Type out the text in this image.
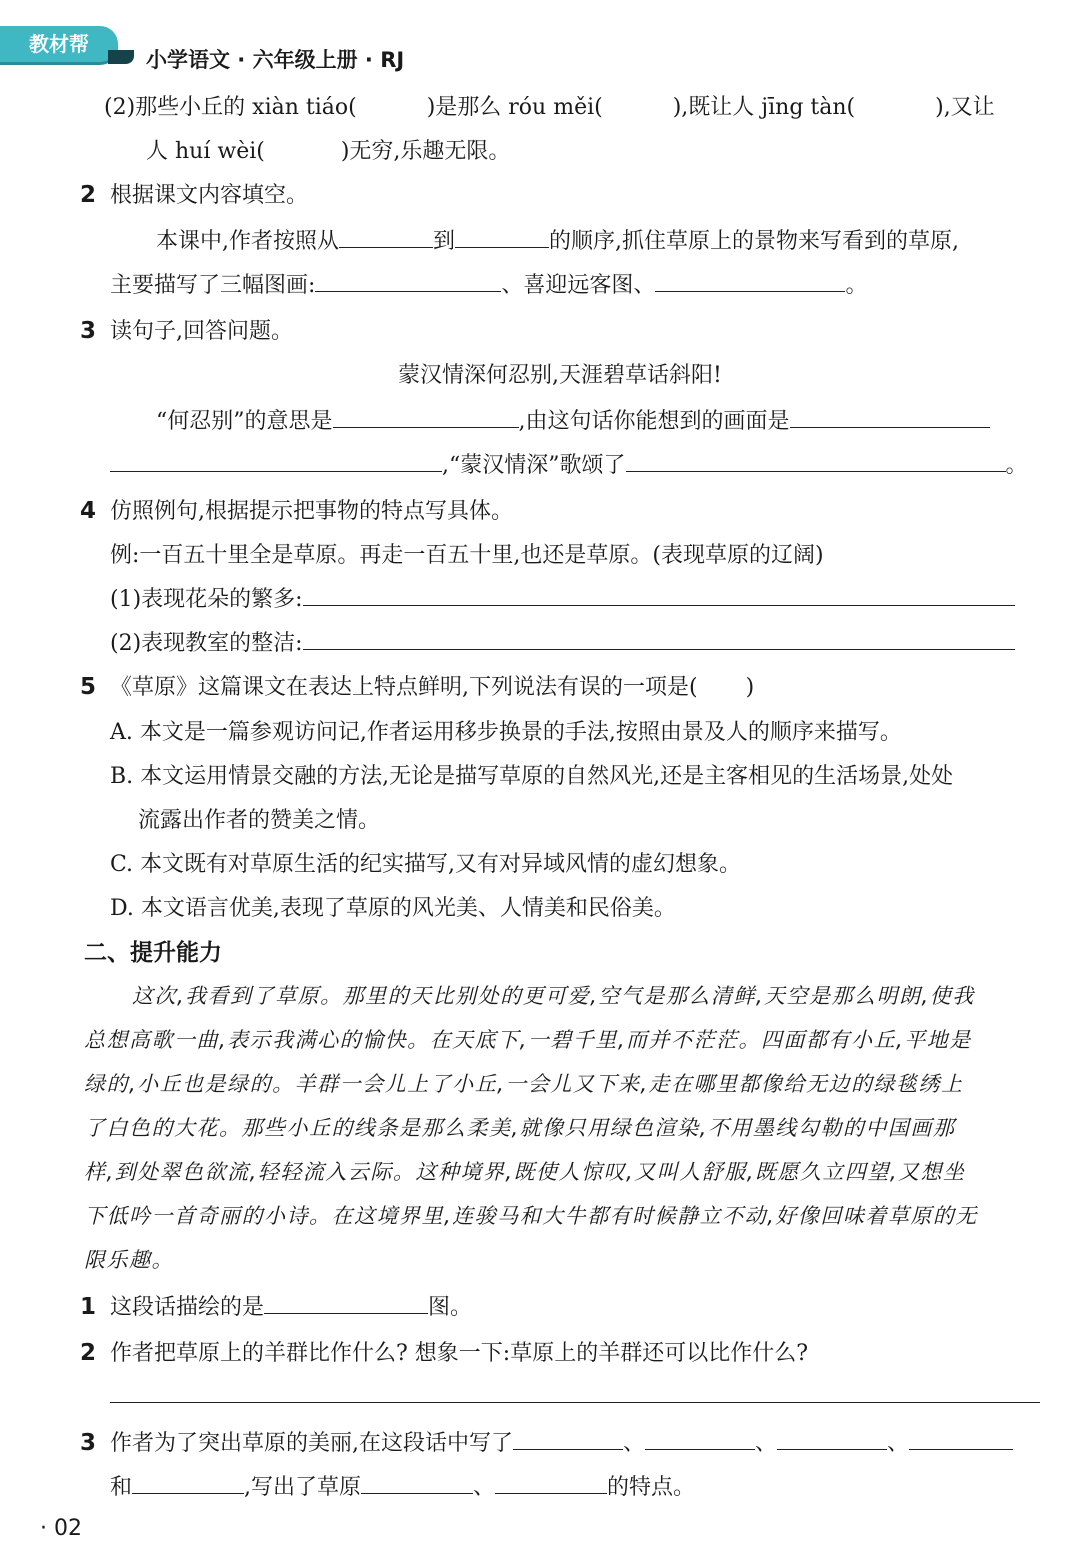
教材帮
小学语文 · 六年级上册 · RJ
(2)那些小丘的 xiàn tiáo(	)是那么 róu měi(	),既让人 jīng tàn(	),又让
人 huí wèi(	)无穷,乐趣无限。
2 根据课文内容填空。
本课中,作者按照从	到	的顺序,抓住草原上的景物来写看到的草原,
主要描写了三幅图画:	、喜迎远客图、	。
3 读句子,回答问题。
蒙汉情深何忍别,天涯碧草话斜阳!
“何忍别”的意思是	,由这句话你能想到的画面是
,“蒙汉情深”歌颂了	。
4 仿照例句,根据提示把事物的特点写具体。
例:一百五十里全是草原。再走一百五十里,也还是草原。(表现草原的辽阔)
(1)表现花朵的繁多:
(2)表现教室的整洁:
5 《草原》这篇课文在表达上特点鲜明,下列说法有误的一项是( )
A. 本文是一篇参观访问记,作者运用移步换景的手法,按照由景及人的顺序来描写。
B. 本文运用情景交融的方法,无论是描写草原的自然风光,还是主客相见的生活场景,处处
流露出作者的赞美之情。
C. 本文既有对草原生活的纪实描写,又有对异域风情的虚幻想象。
D. 本文语言优美,表现了草原的风光美、人情美和民俗美。
二、提升能力
这次,我看到了草原。那里的天比别处的更可爱,空气是那么清鲜,天空是那么明朗,使我
总想高歌一曲,表示我满心的愉快。在天底下,一碧千里,而并不茫茫。四面都有小丘,平地是
绿的,小丘也是绿的。羊群一会儿上了小丘,一会儿又下来,走在哪里都像给无边的绿毯绣上
了白色的大花。那些小丘的线条是那么柔美,就像只用绿色渲染,不用墨线勾勒的中国画那
样,到处翠色欲流,轻轻流入云际。这种境界,既使人惊叹,又叫人舒服,既愿久立四望,又想坐
下低吟一首奇丽的小诗。在这境界里,连骏马和大牛都有时候静立不动,好像回味着草原的无
限乐趣。
1 这段话描绘的是	图。
2 作者把草原上的羊群比作什么? 想象一下:草原上的羊群还可以比作什么?
3 作者为了突出草原的美丽,在这段话中写了	、	、	、
和	,写出了草原	、	的特点。
· 02
